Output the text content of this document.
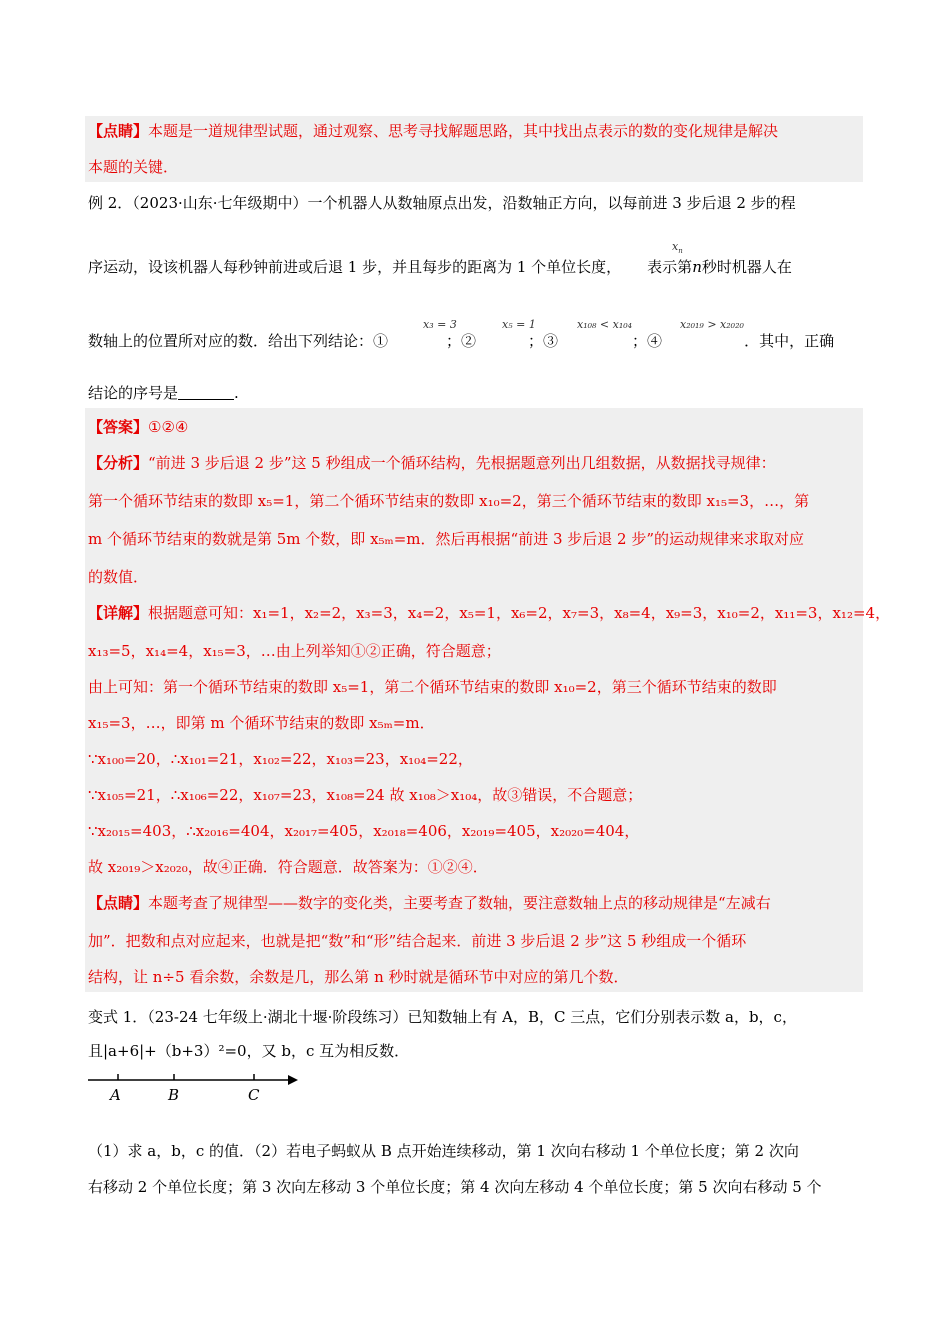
【点睛】本题是一道规律型试题，通过观察、思考寻找解题思路，其中找出点表示的数的变化规律是解决
本题的关键．
例 2．（2023·山东·七年级期中）一个机器人从数轴原点出发，沿数轴正方向，以每前进 3 步后退 2 步的程
序运动，设该机器人每秒钟前进或后退 1 步，并且每步的距离为 1 个单位长度， 表示第n秒时机器人在
$x_n$
数轴上的位置所对应的数．给出下列结论：①	；②	；③	；④	．其中，正确
x₃ = 3	x₅ = 1	x₁₀₈ < x₁₀₄	x₂₀₁₉ > x₂₀₂₀
结论的序号是	.
【答案】①②④
【分析】“前进 3 步后退 2 步”这 5 秒组成一个循环结构，先根据题意列出几组数据，从数据找寻规律：
第一个循环节结束的数即 x₅=1，第二个循环节结束的数即 x₁₀=2，第三个循环节结束的数即 x₁₅=3，…，第
m 个循环节结束的数就是第 5m 个数，即 x₅ₘ=m．然后再根据“前进 3 步后退 2 步”的运动规律来求取对应
的数值．
【详解】根据题意可知：x₁=1，x₂=2，x₃=3，x₄=2，x₅=1，x₆=2，x₇=3，x₈=4，x₉=3，x₁₀=2，x₁₁=3，x₁₂=4，
x₁₃=5，x₁₄=4，x₁₅=3，…由上列举知①②正确，符合题意；
由上可知：第一个循环节结束的数即 x₅=1，第二个循环节结束的数即 x₁₀=2，第三个循环节结束的数即
x₁₅=3，…，即第 m 个循环节结束的数即 x₅ₘ=m．
∵x₁₀₀=20，∴x₁₀₁=21，x₁₀₂=22，x₁₀₃=23，x₁₀₄=22，
∵x₁₀₅=21，∴x₁₀₆=22，x₁₀₇=23，x₁₀₈=24 故 x₁₀₈＞x₁₀₄，故③错误，不合题意；
∵x₂₀₁₅=403，∴x₂₀₁₆=404，x₂₀₁₇=405，x₂₀₁₈=406，x₂₀₁₉=405，x₂₀₂₀=404，
故 x₂₀₁₉＞x₂₀₂₀，故④正确．符合题意．故答案为：①②④．
【点睛】本题考查了规律型——数字的变化类，主要考查了数轴，要注意数轴上点的移动规律是“左减右
加”．把数和点对应起来，也就是把“数”和“形”结合起来．前进 3 步后退 2 步”这 5 秒组成一个循环
结构，让 n÷5 看余数，余数是几，那么第 n 秒时就是循环节中对应的第几个数．
变式 1．（23-24 七年级上·湖北十堰·阶段练习）已知数轴上有 A，B，C 三点，它们分别表示数 a，b，c，
且|a+6|+（b+3）²=0，又 b，c 互为相反数．
A	B	C
（1）求 a，b，c 的值．（2）若电子蚂蚁从 B 点开始连续移动，第 1 次向右移动 1 个单位长度；第 2 次向
右移动 2 个单位长度；第 3 次向左移动 3 个单位长度；第 4 次向左移动 4 个单位长度；第 5 次向右移动 5 个
